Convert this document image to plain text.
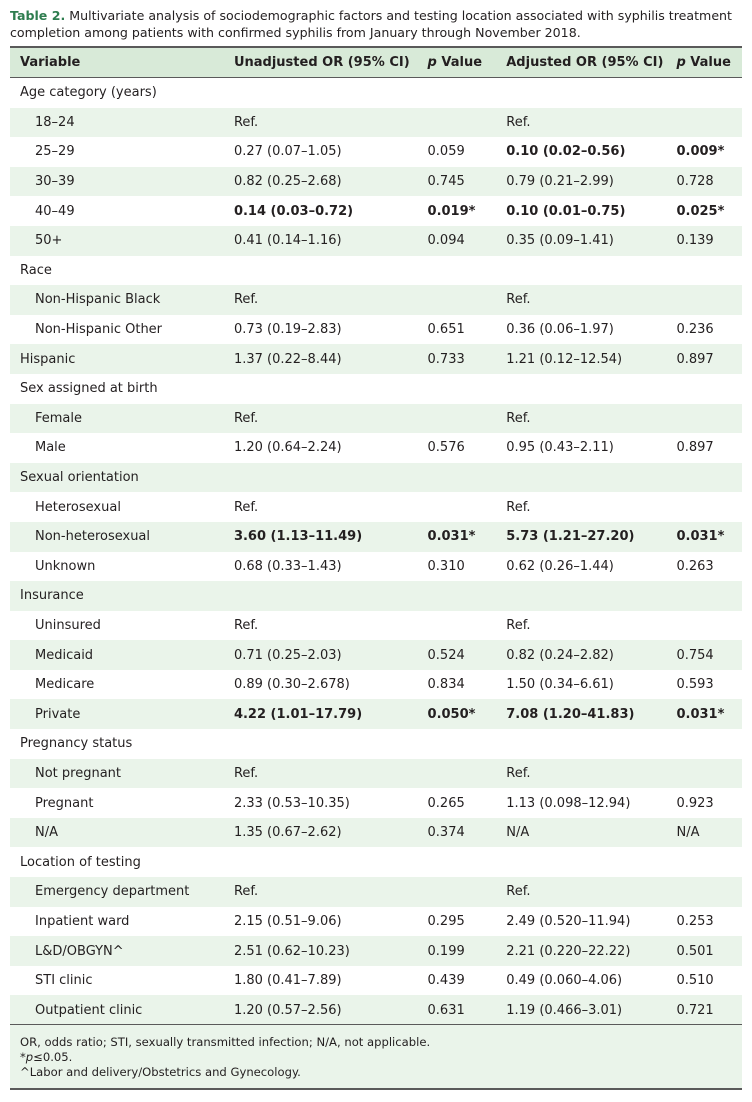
Table 2. Multivariate analysis of sociodemographic factors and testing location associated with syphilis treatment completion among patients with confirmed syphilis from January through November 2018.
Variable	Unadjusted OR (95% CI)	p Value	Adjusted OR (95% CI)	p Value
Age category (years)				
18–24	Ref.		Ref.	
25–29	0.27 (0.07–1.05)	0.059	0.10 (0.02–0.56)	0.009*
30–39	0.82 (0.25–2.68)	0.745	0.79 (0.21–2.99)	0.728
40–49	0.14 (0.03–0.72)	0.019*	0.10 (0.01–0.75)	0.025*
50+	0.41 (0.14–1.16)	0.094	0.35 (0.09–1.41)	0.139
Race				
Non-Hispanic Black	Ref.		Ref.	
Non-Hispanic Other	0.73 (0.19–2.83)	0.651	0.36 (0.06–1.97)	0.236
Hispanic	1.37 (0.22–8.44)	0.733	1.21 (0.12–12.54)	0.897
Sex assigned at birth				
Female	Ref.		Ref.	
Male	1.20 (0.64–2.24)	0.576	0.95 (0.43–2.11)	0.897
Sexual orientation				
Heterosexual	Ref.		Ref.	
Non-heterosexual	3.60 (1.13–11.49)	0.031*	5.73 (1.21–27.20)	0.031*
Unknown	0.68 (0.33–1.43)	0.310	0.62 (0.26–1.44)	0.263
Insurance				
Uninsured	Ref.		Ref.	
Medicaid	0.71 (0.25–2.03)	0.524	0.82 (0.24–2.82)	0.754
Medicare	0.89 (0.30–2.678)	0.834	1.50 (0.34–6.61)	0.593
Private	4.22 (1.01–17.79)	0.050*	7.08 (1.20–41.83)	0.031*
Pregnancy status				
Not pregnant	Ref.		Ref.	
Pregnant	2.33 (0.53–10.35)	0.265	1.13 (0.098–12.94)	0.923
N/A	1.35 (0.67–2.62)	0.374	N/A	N/A
Location of testing				
Emergency department	Ref.		Ref.	
Inpatient ward	2.15 (0.51–9.06)	0.295	2.49 (0.520–11.94)	0.253
L&D/OBGYN^	2.51 (0.62–10.23)	0.199	2.21 (0.220–22.22)	0.501
STI clinic	1.80 (0.41–7.89)	0.439	0.49 (0.060–4.06)	0.510
Outpatient clinic	1.20 (0.57–2.56)	0.631	1.19 (0.466–3.01)	0.721
OR, odds ratio; STI, sexually transmitted infection; N/A, not applicable.
*p≤0.05.
^Labor and delivery/Obstetrics and Gynecology.
